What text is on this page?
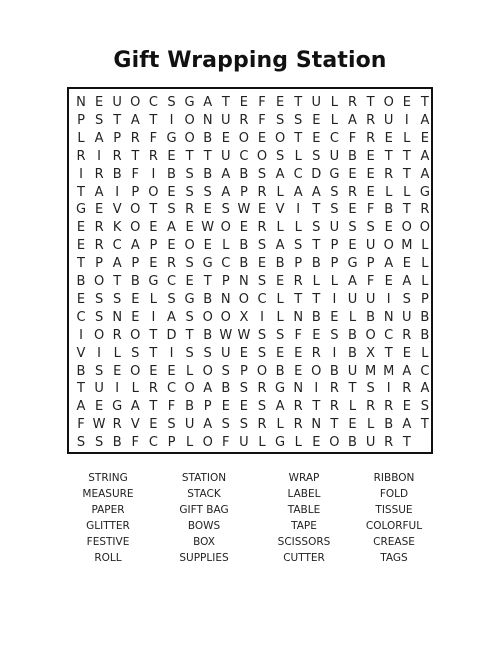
Gift Wrapping Station
N E U O C S G A T E F E T U L R T O E T
P S T A T I O N U R F S S E L A R U I A
L A P R F G O B E O E O T E C F R E L E
R I R T R E T T U C O S L S U B E T T A
I R B F I B S B A B S A C D G E E R T A
T A I P O E S S A P R L A A S R E L L G
G E V O T S R E S W E V I T S E F B T R
E R K O E A E W O E R L L S U S S E O O
E R C A P E O E L B S A S T P E U O M L
T P A P E R S G C B E B P B P G P A E L
B O T B G C E T P N S E R L L A F E A L
E S S E L S G B N O C L T T I U U I S P
C S N E I A S O O X I L N B E L B N U B
I O R O T D T B W W S S F E S B O C R B
V I L S T I S S U E S E E R I B X T E L
B S E O E E L O S P O B E O B U M M A C
T U I L R C O A B S R G N I R T S I R A
A E G A T F B P E E S A R T R L R R E S
F W R V E S U A S S R L R N T E L B A T
S S B F C P L O F U L G L E O B U R T
STRING	STATION	WRAP	RIBBON
MEASURE	STACK	LABEL	FOLD
PAPER	GIFT BAG	TABLE	TISSUE
GLITTER	BOWS	TAPE	COLORFUL
FESTIVE	BOX	SCISSORS	CREASE
ROLL	SUPPLIES	CUTTER	TAGS
